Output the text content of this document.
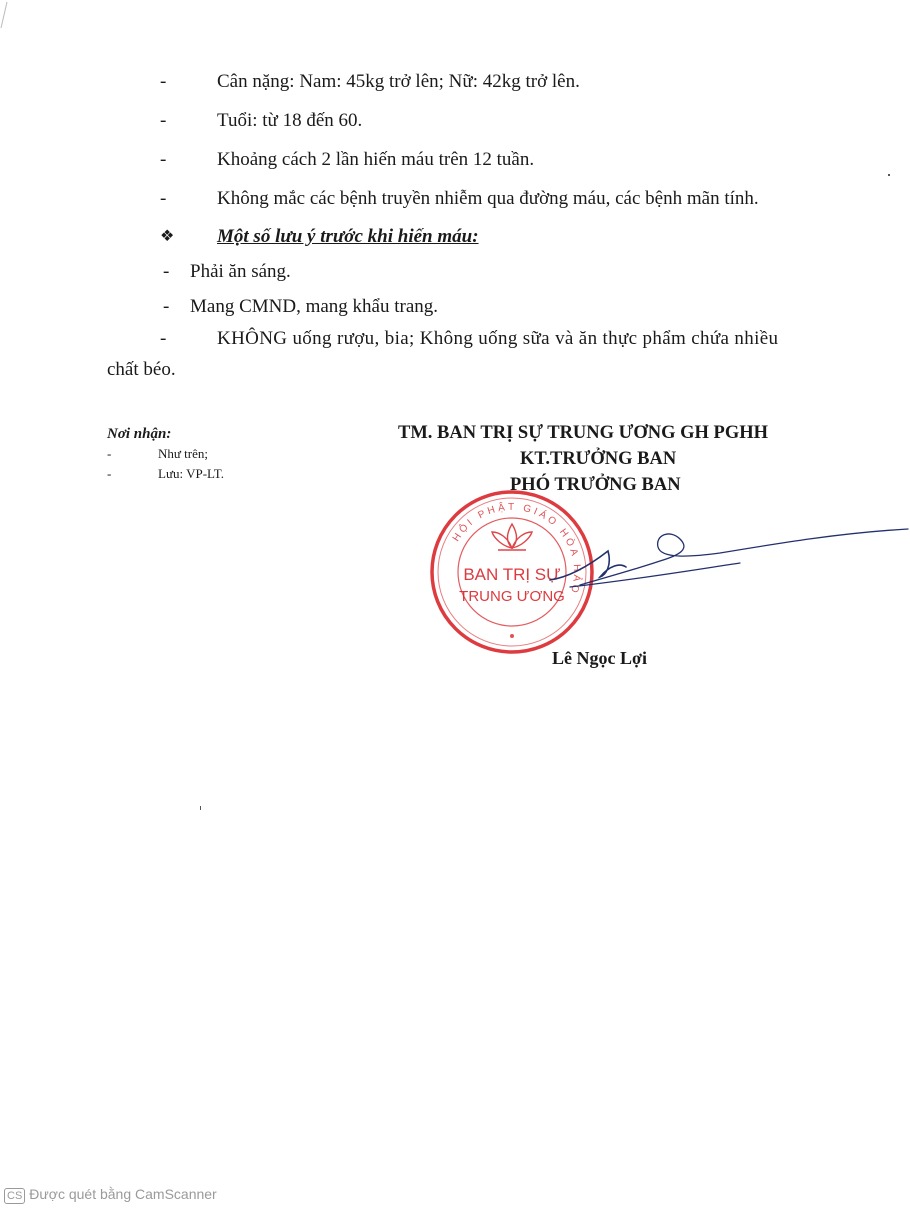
-	Cân nặng: Nam: 45kg trở lên; Nữ: 42kg trở lên.
-	Tuổi: từ 18 đến 60.
-	Khoảng cách 2 lần hiến máu trên 12 tuần.
-	Không mắc các bệnh truyền nhiễm qua đường máu, các bệnh mãn tính.
❖	Một số lưu ý trước khi hiến máu:
- Phải ăn sáng.
- Mang CMND, mang khẩu trang.
-	KHÔNG uống rượu, bia; Không uống sữa và ăn thực phẩm chứa nhiều
chất béo.
Nơi nhận:
-	Như trên;
-	Lưu: VP-LT.
TM. BAN TRỊ SỰ TRUNG ƯƠNG GH PGHH
KT.TRƯỞNG BAN
PHÓ TRƯỞNG BAN
HỘI PHẬT GIÁO HÒA HẢO
BAN TRỊ SỰ
TRUNG ƯƠNG
Lê Ngọc Lợi
CS Được quét bằng CamScanner
